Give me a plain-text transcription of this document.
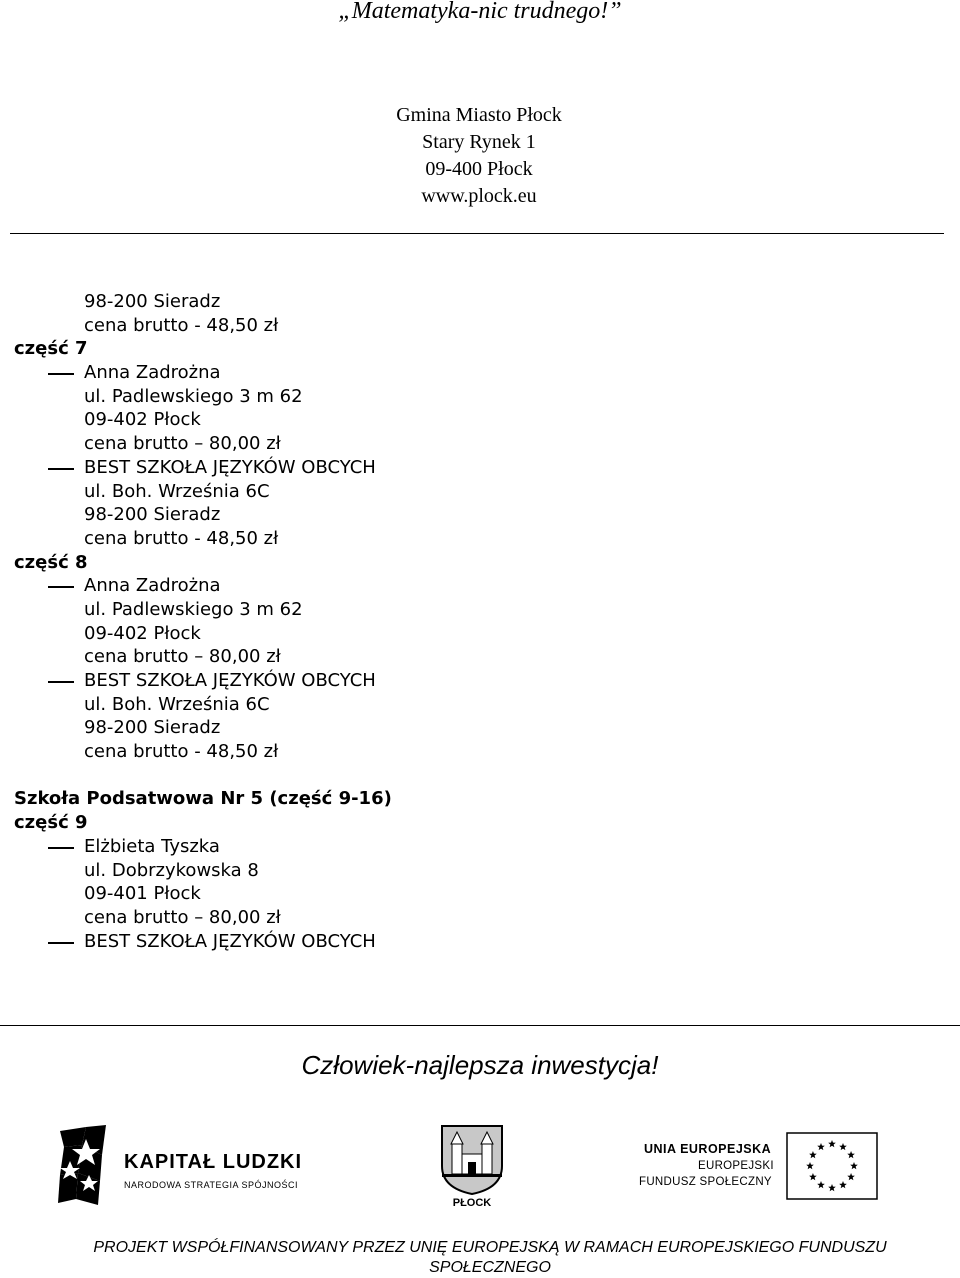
„Matematyka-nic trudnego!”
Gmina Miasto Płock
Stary Rynek 1
09-400 Płock
www.plock.eu
98-200 Sieradz
cena brutto - 48,50 zł
część 7
Anna Zadrożna
ul. Padlewskiego 3 m 62
09-402 Płock
cena brutto – 80,00 zł
BEST SZKOŁA JĘZYKÓW OBCYCH
ul. Boh. Września 6C
98-200 Sieradz
cena brutto - 48,50 zł
część 8
Anna Zadrożna
ul. Padlewskiego 3 m 62
09-402 Płock
cena brutto – 80,00 zł
BEST SZKOŁA JĘZYKÓW OBCYCH
ul. Boh. Września 6C
98-200 Sieradz
cena brutto - 48,50 zł
Szkoła Podsatwowa Nr 5 (część 9-16)
część 9
Elżbieta Tyszka
ul. Dobrzykowska 8
09-401 Płock
cena brutto – 80,00 zł
BEST SZKOŁA JĘZYKÓW OBCYCH
Człowiek-najlepsza inwestycja!
KAPITAŁ LUDZKI
NARODOWA STRATEGIA SPÓJNOŚCI
PŁOCK
UNIA EUROPEJSKA
EUROPEJSKI
FUNDUSZ SPOŁECZNY
PROJEKT WSPÓŁFINANSOWANY PRZEZ UNIĘ EUROPEJSKĄ W RAMACH EUROPEJSKIEGO FUNDUSZU
SPOŁECZNEGO
